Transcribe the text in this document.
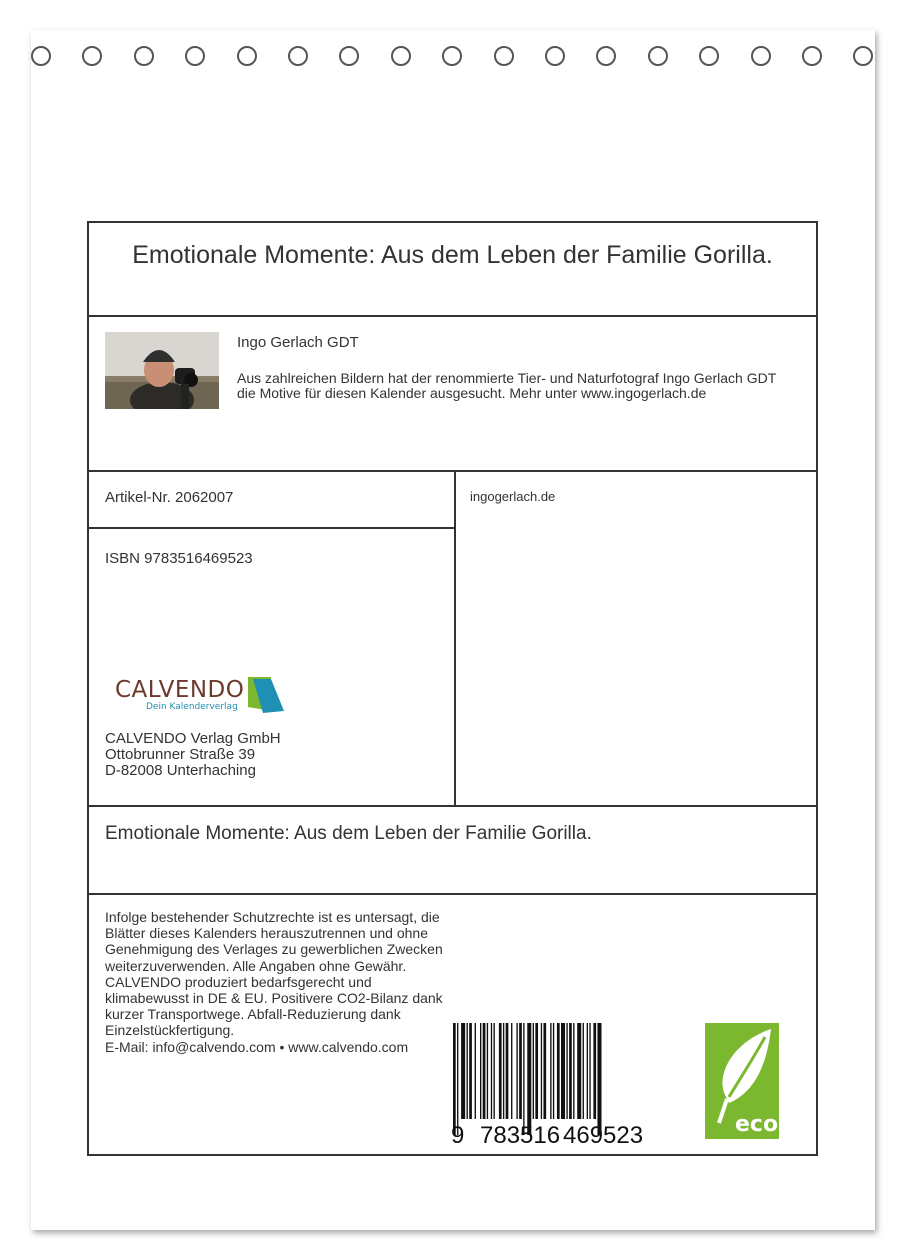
Emotionale Momente: Aus dem Leben der Familie Gorilla.
Ingo Gerlach GDT
Aus zahlreichen Bildern hat der renommierte Tier- und Naturfotograf Ingo Gerlach GDT die Motive für diesen Kalender ausgesucht. Mehr unter www.ingogerlach.de
Artikel-Nr. 2062007	ingogerlach.de
ISBN 9783516469523
CALVENDO
Dein Kalenderverlag
CALVENDO Verlag GmbH
Ottobrunner Straße 39
D-82008 Unterhaching
Emotionale Momente: Aus dem Leben der Familie Gorilla.
Infolge bestehender Schutzrechte ist es untersagt, die Blätter dieses Kalenders herauszutrennen und ohne Genehmigung des Verlages zu gewerblichen Zwecken weiterzuverwenden. Alle Angaben ohne Gewähr.
CALVENDO produziert bedarfsgerecht und klimabewusst in DE & EU. Positivere CO2-Bilanz dank kurzer Transportwege. Abfall-Reduzierung dank Einzelstückfertigung.
E-Mail: info@calvendo.com • www.calvendo.com
9 783516 469523	eco
